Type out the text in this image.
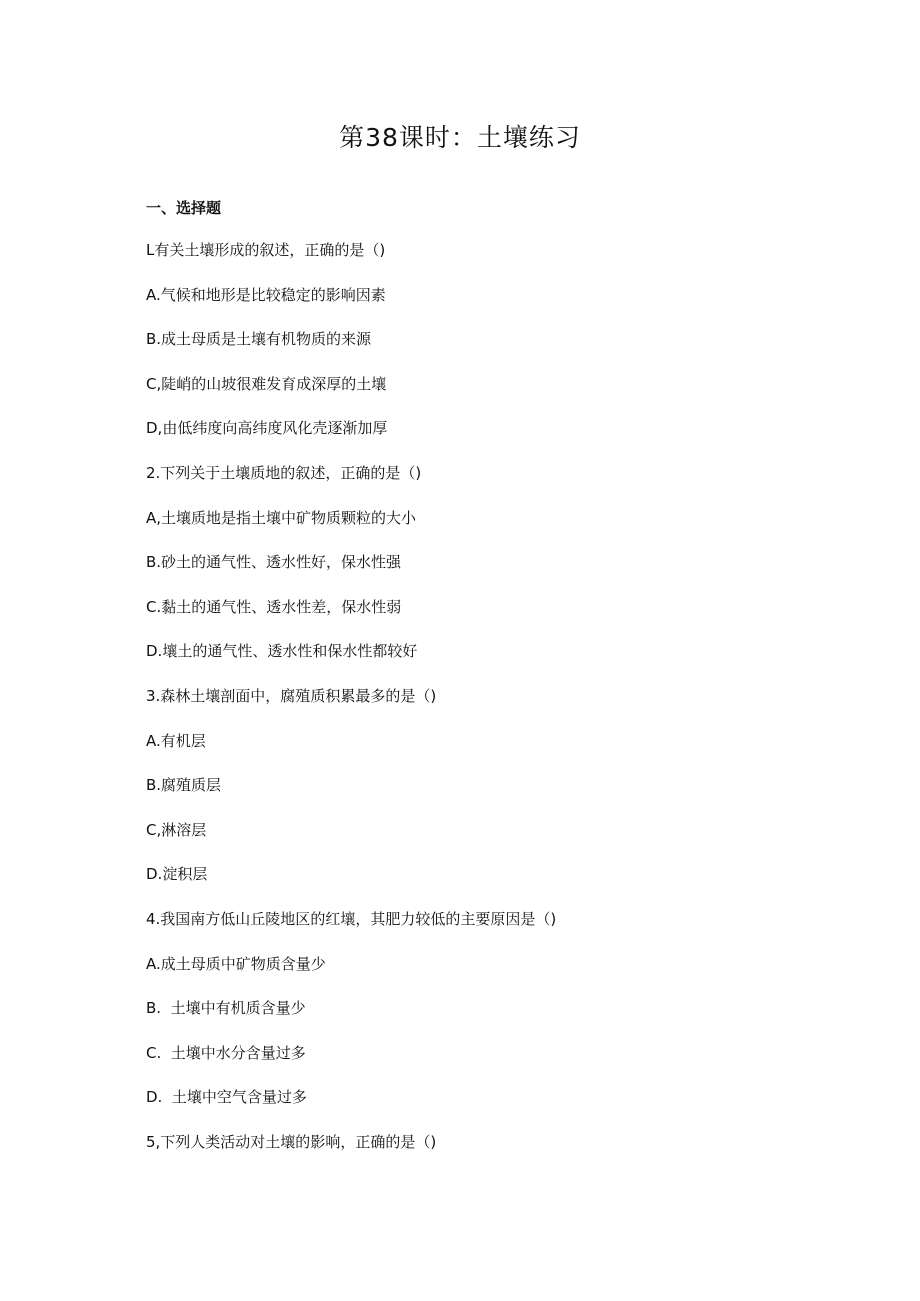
第38课时：土壤练习
一、选择题
L有关土壤形成的叙述，正确的是（)
A.气候和地形是比较稳定的影响因素
B.成土母质是土壤有机物质的来源
C,陡峭的山坡很难发育成深厚的土壤
D,由低纬度向高纬度风化壳逐渐加厚
2.下列关于土壤质地的叙述，正确的是（)
A,土壤质地是指土壤中矿物质颗粒的大小
B.砂土的通气性、透水性好，保水性强
C.黏土的通气性、透水性差，保水性弱
D.壤土的通气性、透水性和保水性都较好
3.森林土壤剖面中，腐殖质积累最多的是（)
A.有机层
B.腐殖质层
C,淋溶层
D.淀积层
4.我国南方低山丘陵地区的红壤，其肥力较低的主要原因是（)
A.成土母质中矿物质含量少
B.  土壤中有机质含量少
C.  土壤中水分含量过多
D.  土壤中空气含量过多
5,下列人类活动对土壤的影响，正确的是（)
